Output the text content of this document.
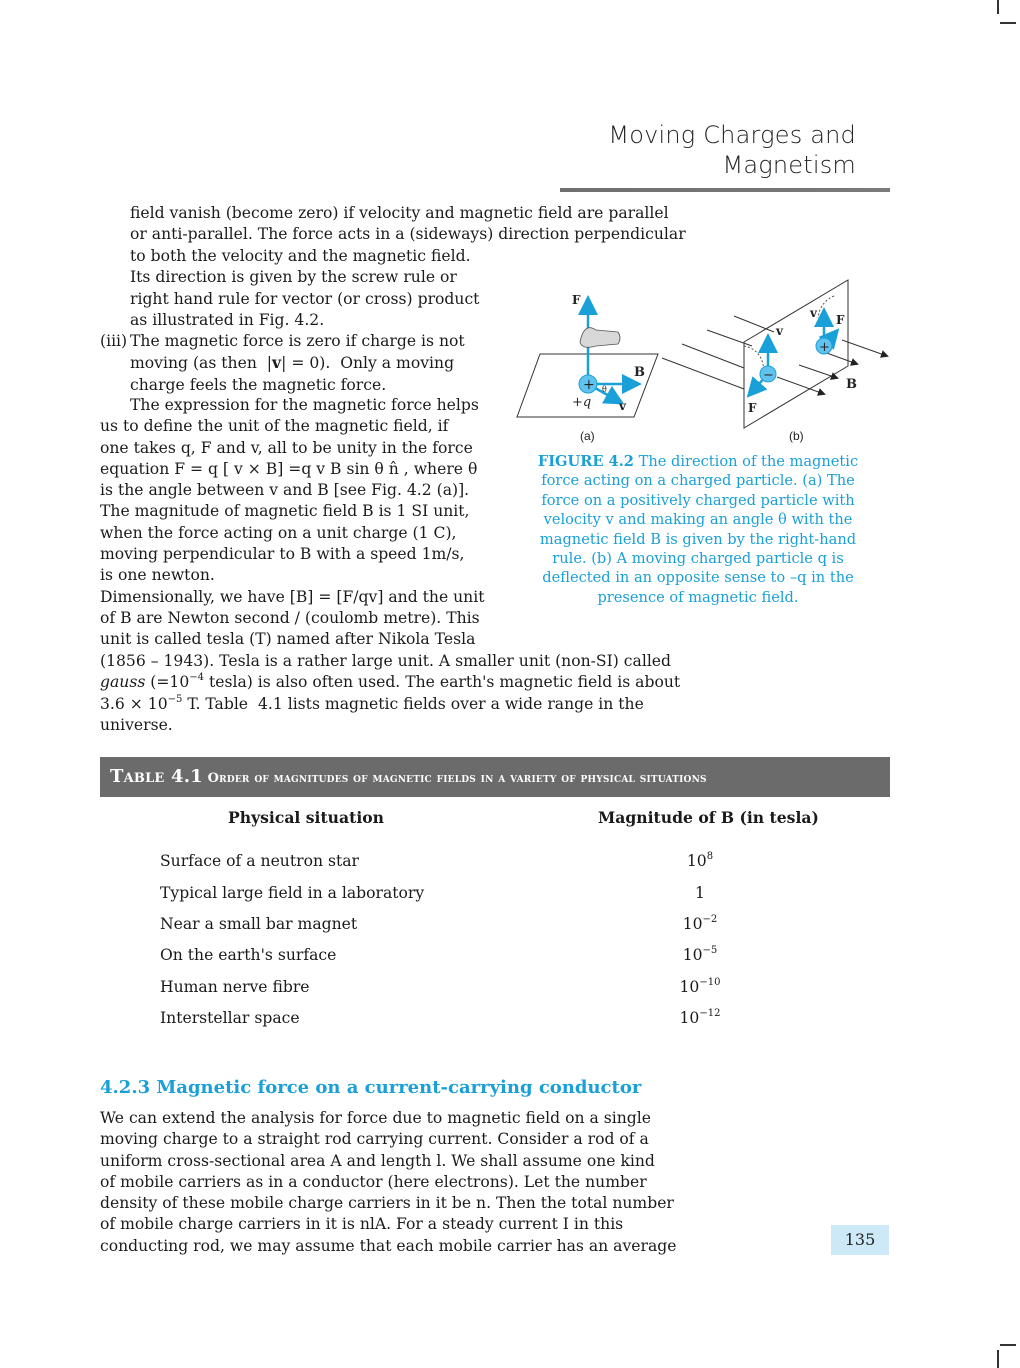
Moving Charges and
Magnetism

field vanish (become zero) if velocity and magnetic field are parallel

or anti-parallel. The force acts in a (sideways) direction perpendicular

to both the velocity and the magnetic field.

Its direction is given by the screw rule or

right hand rule for vector (or cross) product

as illustrated in Fig. 4.2.

(iii) The magnetic force is zero if charge is not

moving (as then  |v| = 0).  Only a moving

charge feels the magnetic force.

The expression for the magnetic force helps

us to define the unit of the magnetic field, if

one takes q, F and v, all to be unity in the force

equation F = q [ v × B] =q v B sin θ n̂ , where θ

is the angle between v and B [see Fig. 4.2 (a)].

The magnitude of magnetic field B is 1 SI unit,

when the force acting on a unit charge (1 C),

moving perpendicular to B with a speed 1m/s,

is one newton.

Dimensionally, we have [B] = [F/qv] and the unit

of B are Newton second / (coulomb metre). This

unit is called tesla (T) named after Nikola Tesla

(1856 – 1943). Tesla is a rather large unit. A smaller unit (non-SI) called

gauss ($=10^{-4}$ tesla) is also often used. The earth's magnetic field is about

$3.6 \times 10^{-5}$ T. Table  4.1 lists magnetic fields over a wide range in the

universe.

+
F
B
v
+q
θ
(a)
−
+
v
v F
F
B
(b)
FIGURE 4.2 The direction of the magnetic force acting on a charged particle. (a) The force on a positively charged particle with velocity v and making an angle θ with the magnetic field B is given by the right-hand rule. (b) A moving charged particle q is deflected in an opposite sense to –q in the presence of magnetic field.
Table 4.1 Order of magnitudes of magnetic fields in a variety of physical situations
Physical situation	Magnitude of B (in tesla)
Surface of a neutron star	$10^8$
Typical large field in a laboratory	1
Near a small bar magnet	$10^{-2}$
On the earth's surface	$10^{-5}$
Human nerve fibre	$10^{-10}$
Interstellar space	$10^{-12}$
4.2.3 Magnetic force on a current-carrying conductor

We can extend the analysis for force due to magnetic field on a single

moving charge to a straight rod carrying current. Consider a rod of a

uniform cross-sectional area A and length l. We shall assume one kind

of mobile carriers as in a conductor (here electrons). Let the number

density of these mobile charge carriers in it be n. Then the total number

of mobile charge carriers in it is nlA. For a steady current I in this

conducting rod, we may assume that each mobile carrier has an average	135
